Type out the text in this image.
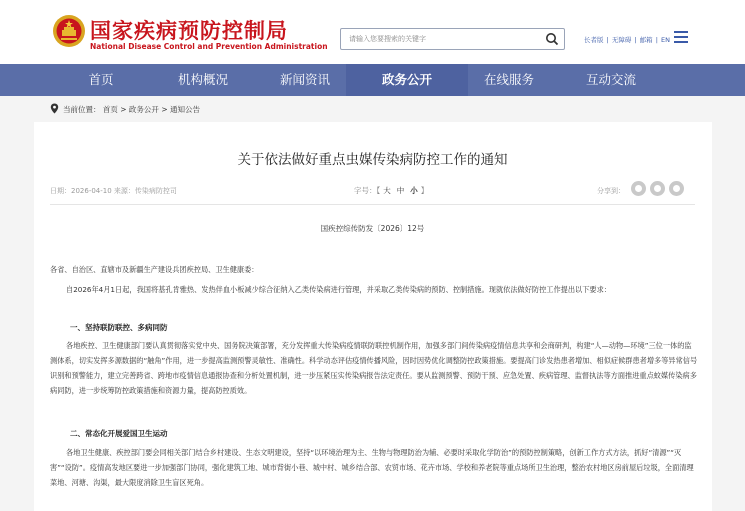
国家疾病预防控制局
National Disease Control and Prevention Administration
请输入您要搜索的关键字	长者版 | 无障碍 | 邮箱 | EN
首页	机构概况	新闻资讯	政务公开	在线服务	互动交流
当前位置： 首页 > 政务公开 > 通知公告
关于依法做好重点虫媒传染病防控工作的通知
日期：2026-04-10 来源：传染病防控司	字号：【 大 中 小 】	分享到：
国疾控综传防发〔2026〕12号
各省、自治区、直辖市及新疆生产建设兵团疾控局、卫生健康委：
自2026年4月1日起，我国将基孔肯雅热、发热伴血小板减少综合征纳入乙类传染病进行管理，并采取乙类传染病的预防、控制措施。现就依法做好防控工作提出以下要求：
一、坚持联防联控、多病同防
各地疾控、卫生健康部门要认真贯彻落实党中央、国务院决策部署，充分发挥重大传染病疫情联防联控机制作用，加强多部门间传染病疫情信息共享和会商研判，构建“人—动物—环境”三位一体的监测体系，切实发挥多源数据的“触角”作用，进一步提高监测预警灵敏性、准确性。科学动态评估疫情传播风险，因时因势优化调整防控政策措施。要提高门诊发热患者增加、相似症候群患者增多等异常信号识别和预警能力，建立完善跨省、跨地市疫情信息通报协查和分析处置机制，进一步压紧压实传染病报告法定责任。要从监测预警、预防干预、应急处置、疾病管理、监督执法等方面推进重点蚊媒传染病多病同防，进一步统筹防控政策措施和资源力量，提高防控质效。
二、常态化开展爱国卫生运动
各地卫生健康、疾控部门要会同相关部门结合乡村建设、生态文明建设，坚持“以环境治理为主、生物与物理防治为辅、必要时采取化学防治”的预防控制策略，创新工作方式方法，抓好“清源”“灭害”“设防”。疫情高发地区要进一步加强部门协同，强化建筑工地、城市背街小巷、城中村、城乡结合部、农贸市场、花卉市场、学校和养老院等重点场所卫生治理，整治农村地区房前屋后垃圾，全面清理菜地、河塘、沟渠，最大限度消除卫生盲区死角。
